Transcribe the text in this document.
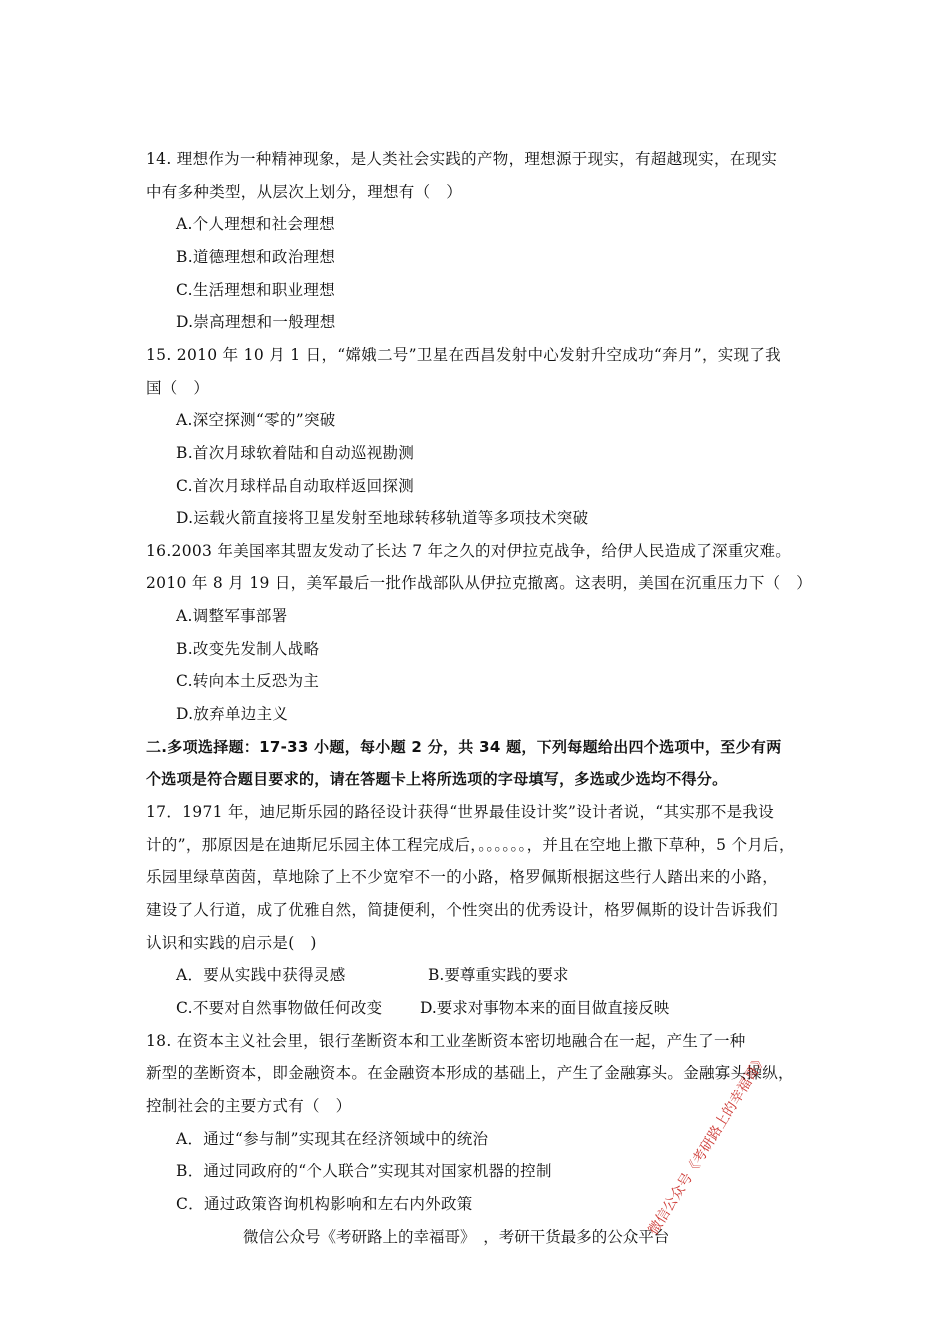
14. 理想作为一种精神现象，是人类社会实践的产物，理想源于现实，有超越现实，在现实
中有多种类型，从层次上划分，理想有（　）
A.个人理想和社会理想
B.道德理想和政治理想
C.生活理想和职业理想
D.崇高理想和一般理想
15. 2010 年 10 月 1 日，“嫦娥二号”卫星在西昌发射中心发射升空成功“奔月”，实现了我
国（　）
A.深空探测“零的”突破
B.首次月球软着陆和自动巡视勘测
C.首次月球样品自动取样返回探测
D.运载火箭直接将卫星发射至地球转移轨道等多项技术突破
16.2003 年美国率其盟友发动了长达 7 年之久的对伊拉克战争，给伊人民造成了深重灾难。
2010 年 8 月 19 日，美军最后一批作战部队从伊拉克撤离。这表明，美国在沉重压力下（　）
A.调整军事部署
B.改变先发制人战略
C.转向本土反恐为主
D.放弃单边主义
二.多项选择题：17-33 小题，每小题 2 分，共 34 题，下列每题给出四个选项中，至少有两
个选项是符合题目要求的，请在答题卡上将所选项的字母填写，多选或少选均不得分。
17．1971 年，迪尼斯乐园的路径设计获得“世界最佳设计奖”设计者说，“其实那不是我设
计的”，那原因是在迪斯尼乐园主体工程完成后，。。。。。。，并且在空地上撒下草种，5 个月后，
乐园里绿草茵茵，草地除了上不少宽窄不一的小路，格罗佩斯根据这些行人踏出来的小路，
建设了人行道，成了优雅自然，简捷便利，个性突出的优秀设计，格罗佩斯的设计告诉我们
认识和实践的启示是(　)
A．要从实践中获得灵感	B.要尊重实践的要求
C.不要对自然事物做任何改变 D.要求对事物本来的面目做直接反映
18. 在资本主义社会里，银行垄断资本和工业垄断资本密切地融合在一起，产生了一种
新型的垄断资本，即金融资本。在金融资本形成的基础上，产生了金融寡头。金融寡头操纵，
控制社会的主要方式有（　）
A．通过“参与制”实现其在经济领域中的统治
B．通过同政府的“个人联合”实现其对国家机器的控制
C．通过政策咨询机构影响和左右内外政策
微信公众号《考研路上的幸福哥》　，考研干货最多的公众平台
微信公众号《考研路上的幸福哥》
